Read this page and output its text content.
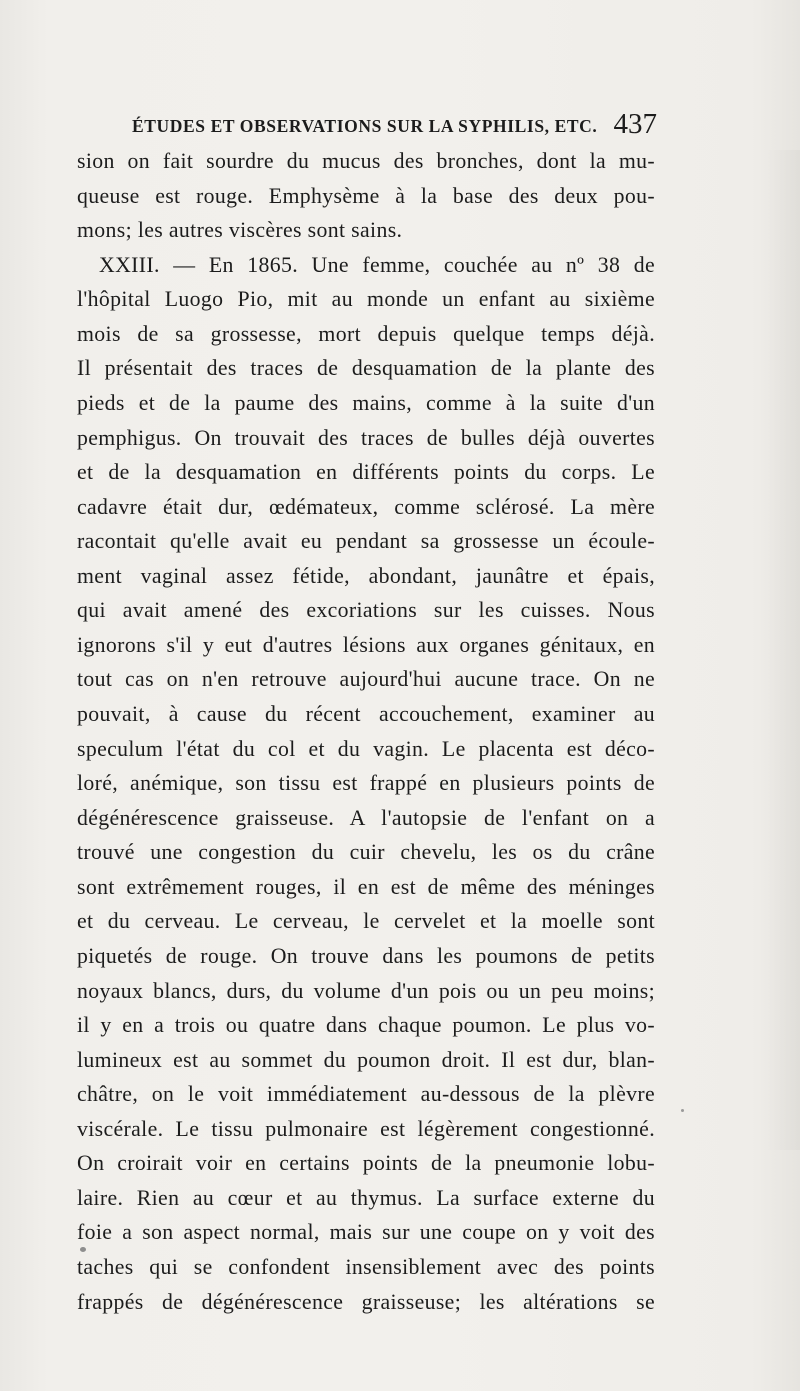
ÉTUDES ET OBSERVATIONS SUR LA SYPHILIS, ETC. 437
sion on fait sourdre du mucus des bronches, dont la mu-
queuse est rouge. Emphysème à la base des deux pou-
mons; les autres viscères sont sains.
XXIII. — En 1865. Une femme, couchée au nº 38 de
l'hôpital Luogo Pio, mit au monde un enfant au sixième
mois de sa grossesse, mort depuis quelque temps déjà.
Il présentait des traces de desquamation de la plante des
pieds et de la paume des mains, comme à la suite d'un
pemphigus. On trouvait des traces de bulles déjà ouvertes
et de la desquamation en différents points du corps. Le
cadavre était dur, œdémateux, comme sclérosé. La mère
racontait qu'elle avait eu pendant sa grossesse un écoule-
ment vaginal assez fétide, abondant, jaunâtre et épais,
qui avait amené des excoriations sur les cuisses. Nous
ignorons s'il y eut d'autres lésions aux organes génitaux, en
tout cas on n'en retrouve aujourd'hui aucune trace. On ne
pouvait, à cause du récent accouchement, examiner au
speculum l'état du col et du vagin. Le placenta est déco-
loré, anémique, son tissu est frappé en plusieurs points de
dégénérescence graisseuse. A l'autopsie de l'enfant on a
trouvé une congestion du cuir chevelu, les os du crâne
sont extrêmement rouges, il en est de même des méninges
et du cerveau. Le cerveau, le cervelet et la moelle sont
piquetés de rouge. On trouve dans les poumons de petits
noyaux blancs, durs, du volume d'un pois ou un peu moins;
il y en a trois ou quatre dans chaque poumon. Le plus vo-
lumineux est au sommet du poumon droit. Il est dur, blan-
châtre, on le voit immédiatement au-dessous de la plèvre
viscérale. Le tissu pulmonaire est légèrement congestionné.
On croirait voir en certains points de la pneumonie lobu-
laire. Rien au cœur et au thymus. La surface externe du
foie a son aspect normal, mais sur une coupe on y voit des
taches qui se confondent insensiblement avec des points
frappés de dégénérescence graisseuse; les altérations se
